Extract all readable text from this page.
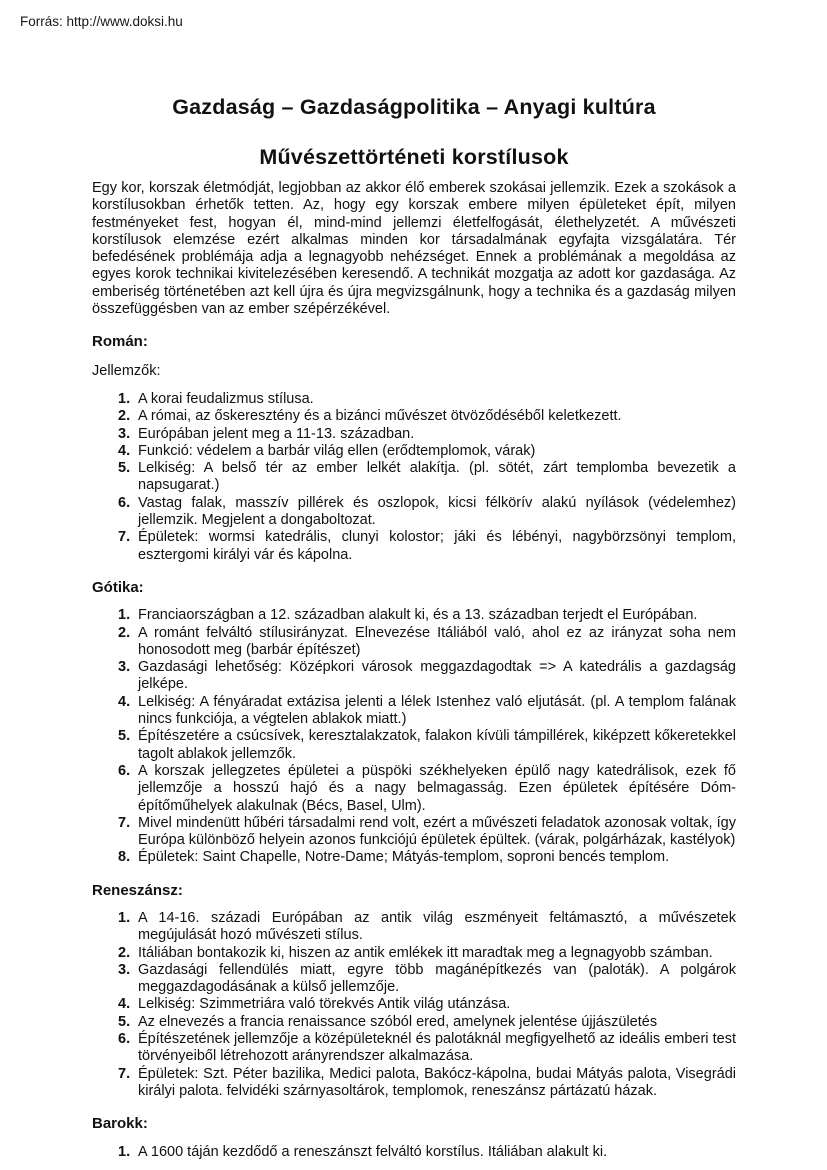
Forrás: http://www.doksi.hu
Gazdaság – Gazdaságpolitika – Anyagi kultúra
Művészettörténeti korstílusok

Egy kor, korszak életmódját, legjobban az akkor élő emberek szokásai jellemzik. Ezek a szokások a korstílusokban érhetők tetten. Az, hogy egy korszak embere milyen épületeket épít, milyen festményeket fest, hogyan él, mind-mind jellemzi életfelfogását, élethelyzetét. A művészeti korstílusok elemzése ezért alkalmas minden kor társadalmának egyfajta vizsgálatára. Tér befedésének problémája adja a legnagyobb nehézséget. Ennek a problémának a megoldása az egyes korok technikai kivitelezésében keresendő. A technikát mozgatja az adott kor gazdasága. Az emberiség történetében azt kell újra és újra megvizsgálnunk, hogy a technika és a gazdaság milyen összefüggésben van az ember szépérzékével.

Román:

Jellemzők:

1. A korai feudalizmus stílusa.
2. A római, az őskeresztény és a bizánci művészet ötvöződéséből keletkezett.
3. Európában jelent meg a 11-13. században.
4. Funkció: védelem a barbár világ ellen (erődtemplomok, várak)
5. Lelkiség: A belső tér az ember lelkét alakítja. (pl. sötét, zárt templomba bevezetik a napsugarat.)
6. Vastag falak, masszív pillérek és oszlopok, kicsi félkörív alakú nyílások (védelemhez) jellemzik. Megjelent a dongaboltozat.
7. Épületek: wormsi katedrális, clunyi kolostor; jáki és lébényi, nagybörzsönyi templom, esztergomi királyi vár és kápolna.
Gótika:
1. Franciaországban a 12. században alakult ki, és a 13. században terjedt el Európában.
2. A románt felváltó stílusirányzat. Elnevezése Itáliából való, ahol ez az irányzat soha nem honosodott meg (barbár építészet)
3. Gazdasági lehetőség: Középkori városok meggazdagodtak => A katedrális a gazdagság jelképe.
4. Lelkiség: A fényáradat extázisa jelenti a lélek Istenhez való eljutását. (pl. A templom falának nincs funkciója, a végtelen ablakok miatt.)
5. Építészetére a csúcsívek, keresztalakzatok, falakon kívüli támpillérek, kiképzett kőkeretekkel tagolt ablakok jellemzők.
6. A korszak jellegzetes épületei a püspöki székhelyeken épülő nagy katedrálisok, ezek fő jellemzője a hosszú hajó és a nagy belmagasság. Ezen épületek építésére Dóm-építőműhelyek alakulnak (Bécs, Basel, Ulm).
7. Mivel mindenütt hűbéri társadalmi rend volt, ezért a művészeti feladatok azonosak voltak, így Európa különböző helyein azonos funkciójú épületek épültek. (várak, polgárházak, kastélyok)
8. Épületek: Saint Chapelle, Notre-Dame; Mátyás-templom, soproni bencés templom.
Reneszánsz:
1. A 14-16. századi Európában az antik világ eszményeit feltámasztó, a művészetek megújulását hozó művészeti stílus.
2. Itáliában bontakozik ki, hiszen az antik emlékek itt maradtak meg a legnagyobb számban.
3. Gazdasági fellendülés miatt, egyre több magánépítkezés van (paloták). A polgárok meggazdagodásának a külső jellemzője.
4. Lelkiség: Szimmetriára való törekvés Antik világ utánzása.
5. Az elnevezés a francia renaissance szóból ered, amelynek jelentése újjászületés
6. Építészetének jellemzője a középületeknél és palotáknál megfigyelhető az ideális emberi test törvényeiből létrehozott arányrendszer alkalmazása.
7. Épületek: Szt. Péter bazilika, Medici palota, Bakócz-kápolna, budai Mátyás palota, Visegrádi királyi palota. felvidéki szárnyasoltárok, templomok, reneszánsz pártázatú házak.
Barokk:
1. A 1600 táján kezdődő a reneszánszt felváltó korstílus. Itáliában alakult ki.
